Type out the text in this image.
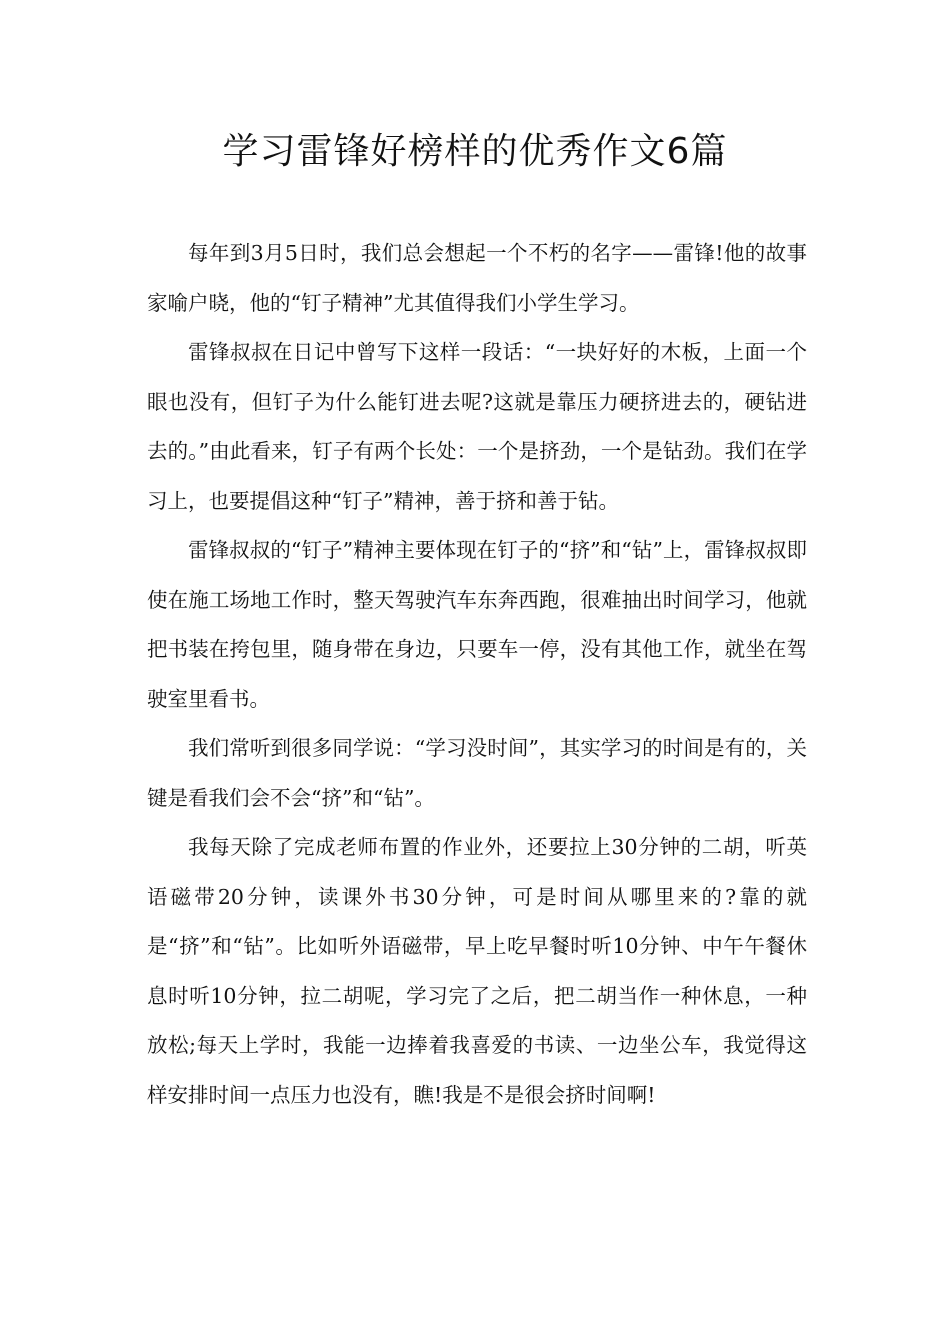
学习雷锋好榜样的优秀作文6篇

每年到3月5日时，我们总会想起一个不朽的名字——雷锋!他的故事家喻户晓，他的“钉子精神”尤其值得我们小学生学习。

雷锋叔叔在日记中曾写下这样一段话：“一块好好的木板，上面一个眼也没有，但钉子为什么能钉进去呢?这就是靠压力硬挤进去的，硬钻进去的。”由此看来，钉子有两个长处：一个是挤劲，一个是钻劲。我们在学习上，也要提倡这种“钉子”精神，善于挤和善于钻。

雷锋叔叔的“钉子”精神主要体现在钉子的“挤”和“钻”上，雷锋叔叔即使在施工场地工作时，整天驾驶汽车东奔西跑，很难抽出时间学习，他就把书装在挎包里，随身带在身边，只要车一停，没有其他工作，就坐在驾驶室里看书。

我们常听到很多同学说：“学习没时间”，其实学习的时间是有的，关键是看我们会不会“挤”和“钻”。

我每天除了完成老师布置的作业外，还要拉上30分钟的二胡，听英语磁带20分钟，读课外书30分钟，可是时间从哪里来的?靠的就是“挤”和“钻”。比如听外语磁带，早上吃早餐时听10分钟、中午午餐休息时听10分钟，拉二胡呢，学习完了之后，把二胡当作一种休息，一种放松;每天上学时，我能一边捧着我喜爱的书读、一边坐公车，我觉得这样安排时间一点压力也没有，瞧!我是不是很会挤时间啊!
